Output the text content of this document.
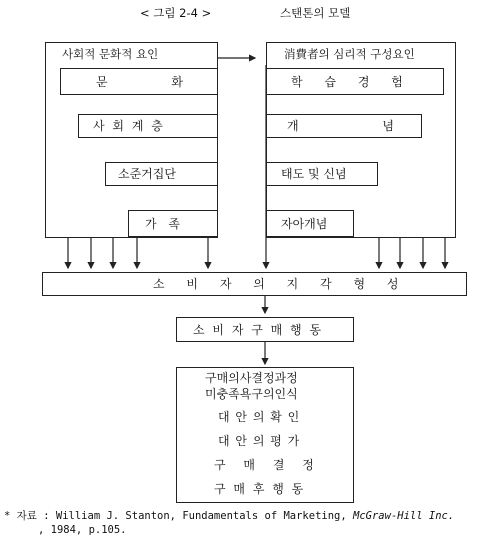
< 그림 2-4 >	스탠톤의 모델
사회적 문화적 요인
문 화
사 회 계 층
소준거집단
가 족
消費者의 심리적 구성요인
학 습 경 험
개 념
태도 및 신념
자아개념
소 비 자 의 지 각 형 성
소 비 자 구 매 행 동
구매의사결정과정
미충족욕구의인식
대 안 의 확 인
대 안 의 평 가
구 매 결 정
구 매 후 행 동
* 자료 : William J. Stanton, Fundamentals of Marketing, McGraw-Hill Inc.
, 1984, p.105.
